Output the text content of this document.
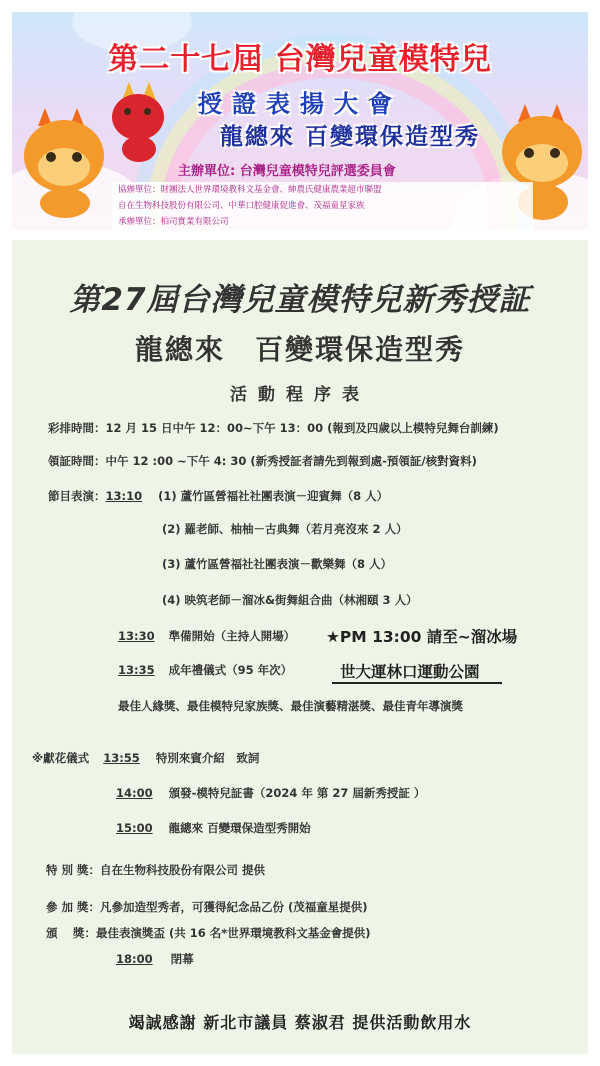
第二十七屆 台灣兒童模特兒
授證表揚大會
龍總來 百變環保造型秀
主辦單位: 台灣兒童模特兒評選委員會
協辦單位：財團法人世界環境教科文基金會、紳農氏健康農業超市聯盟
自在生物科技股份有限公司、中華口腔健康促進會、茂福童星家族
承辦單位：柏司實業有限公司
第27屆台灣兒童模特兒新秀授証
龍總來　百變環保造型秀
活動程序表
彩排時間：12 月 15 日中午 12：00~下午 13：00 (報到及四歲以上模特兒舞台訓練)
領証時間：中午 12 :00 ~下午 4: 30 (新秀授証者請先到報到處-預領証/核對資料)
節目表演：13:10 (1) 蘆竹區營福社社團表演－迎賓舞（8 人）
(2) 羅老師、柚柚－古典舞（若月亮沒來 2 人）
(3) 蘆竹區營福社社團表演－歡樂舞（8 人）
(4) 映筑老師－溜冰&街舞組合曲（林湘頤 3 人）
13:30 準備開始（主持人開場） ★PM 13:00 請至~溜冰場
13:35 成年禮儀式（95 年次）	世大運林口運動公園
最佳人緣獎、最佳模特兒家族獎、最佳演藝精湛獎、最佳青年導演獎
※獻花儀式 13:55 特別來賓介紹　致詞
14:00 頒發-模特兒証書（2024 年 第 27 屆新秀授証 ）
15:00 龍總來 百變環保造型秀開始
特 別 獎：自在生物科技股份有限公司 提供
參 加 獎：凡參加造型秀者，可獲得紀念品乙份 (茂福童星提供)
頒　 獎：最佳表演獎盃 (共 16 名*世界環境教科文基金會提供)
18:00 閉幕
竭誠感謝 新北市議員 蔡淑君 提供活動飲用水
